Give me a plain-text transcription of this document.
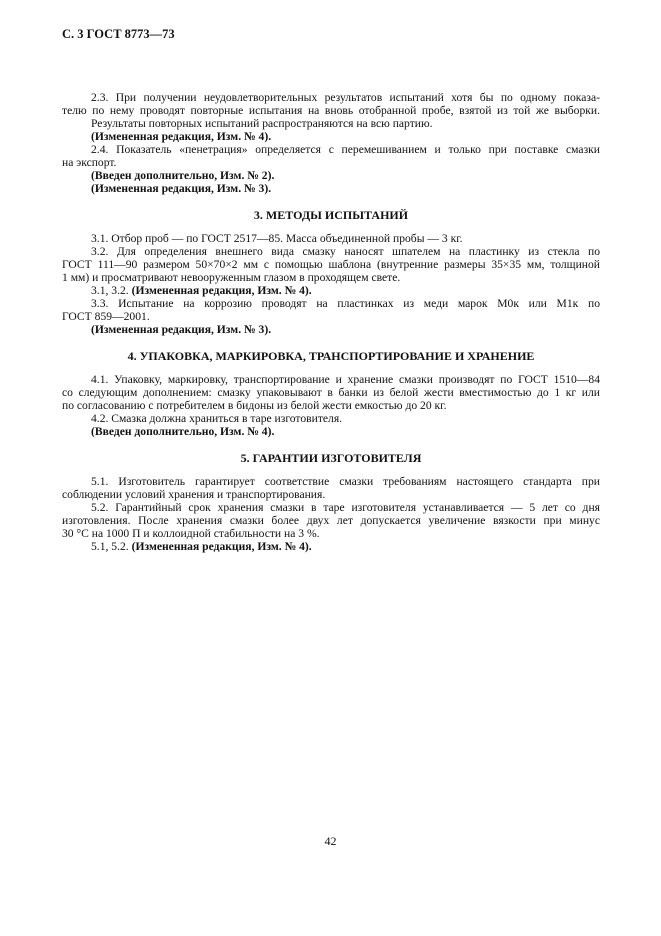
С. 3 ГОСТ 8773—73
2.3. При получении неудовлетворительных результатов испытаний хотя бы по одному показа-
телю по нему проводят повторные испытания на вновь отобранной пробе, взятой из той же выборки.
Результаты повторных испытаний распространяются на всю партию.
(Измененная редакция, Изм. № 4).
2.4. Показатель «пенетрация» определяется с перемешиванием и только при поставке смазки
на экспорт.
(Введен дополнительно, Изм. № 2).
(Измененная редакция, Изм. № 3).
3. МЕТОДЫ ИСПЫТАНИЙ
3.1. Отбор проб — по ГОСТ 2517—85. Масса объединенной пробы — 3 кг.
3.2. Для определения внешнего вида смазку наносят шпателем на пластинку из стекла по
ГОСТ 111—90 размером 50×70×2 мм с помощью шаблона (внутренние размеры 35×35 мм, толщиной
1 мм) и просматривают невооруженным глазом в проходящем свете.
3.1, 3.2. (Измененная редакция, Изм. № 4).
3.3. Испытание на коррозию проводят на пластинках из меди марок М0к или М1к по
ГОСТ 859—2001.
(Измененная редакция, Изм. № 3).
4. УПАКОВКА, МАРКИРОВКА, ТРАНСПОРТИРОВАНИЕ И ХРАНЕНИЕ
4.1. Упаковку, маркировку, транспортирование и хранение смазки производят по ГОСТ 1510—84
со следующим дополнением: смазку упаковывают в банки из белой жести вместимостью до 1 кг или
по согласованию с потребителем в бидоны из белой жести емкостью до 20 кг.
4.2. Смазка должна храниться в таре изготовителя.
(Введен дополнительно, Изм. № 4).
5. ГАРАНТИИ ИЗГОТОВИТЕЛЯ
5.1. Изготовитель гарантирует соответствие смазки требованиям настоящего стандарта при
соблюдении условий хранения и транспортирования.
5.2. Гарантийный срок хранения смазки в таре изготовителя устанавливается — 5 лет со дня
изготовления. После хранения смазки более двух лет допускается увеличение вязкости при минус
30 °С на 1000 П и коллоидной стабильности на 3 %.
5.1, 5.2. (Измененная редакция, Изм. № 4).
42
